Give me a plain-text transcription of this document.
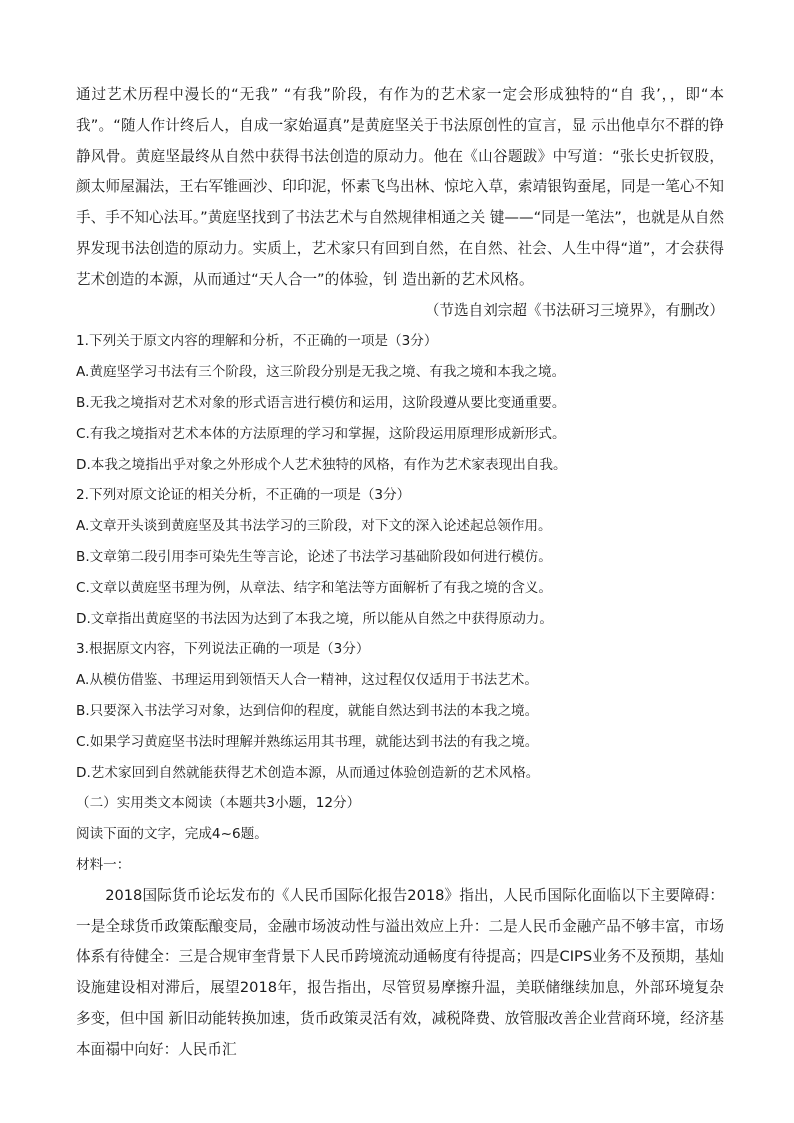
通过艺术历程中漫长的“无我” “有我”阶段，有作为的艺术家一定会形成独特的“自 我’，，即“本我”。“随人作计终后人，自成一家始逼真”是黄庭坚关于书法原创性的宣言，显 示出他卓尔不群的铮静风骨。黄庭坚最终从自然中获得书法创造的原动力。他在《山谷题跋》中写道：“张长史折钗股，颜太师屋漏法，王右军锥画沙、印印泥，怀素飞鸟出林、惊坨入草，索靖银钩蚕尾，同是一笔心不知手、手不知心法耳。”黄庭坚找到了书法艺术与自然规律相通之关 键——“同是一笔法”，也就是从自然界发现书法创造的原动力。实质上，艺术家只有回到自然，在自然、社会、人生中得“道”，才会获得艺术创造的本源，从而通过“天人合一”的体验，钊 造出新的艺术风格。

（节选自刘宗超《书法研习三境界》，有删改）

1.下列关于原文内容的理解和分析，不正确的一项是（3分）

A.黄庭坚学习书法有三个阶段，这三阶段分别是无我之境、有我之境和本我之境。

B.无我之境指对艺术对象的形式语言进行模仿和运用，这阶段遵从要比变通重要。

C.有我之境指对艺术本体的方法原理的学习和掌握，这阶段运用原理形成新形式。

D.本我之境指出乎对象之外形成个人艺术独特的风格，有作为艺术家表现出自我。

2.下列对原文论证的相关分析，不正确的一项是（3分）

A.文章开头谈到黄庭坚及其书法学习的三阶段，对下文的深入论述起总领作用。

B.文章第二段引用李可染先生等言论，论述了书法学习基础阶段如何进行模仿。

C.文章以黄庭坚书理为例，从章法、结字和笔法等方面解析了有我之境的含义。

D.文章指出黄庭坚的书法因为达到了本我之境，所以能从自然之中获得原动力。

3.根据原文内容，下列说法正确的一项是（3分）

A.从模仿借鉴、书理运用到领悟天人合一精神，这过程仅仅适用于书法艺术。

B.只要深入书法学习对象，达到信仰的程度，就能自然达到书法的本我之境。

C.如果学习黄庭坚书法时理解并熟练运用其书理，就能达到书法的有我之境。

D.艺术家回到自然就能获得艺术创造本源，从而通过体验创造新的艺术风格。

（二）实用类文本阅读（本题共3小题，12分）

阅读下面的文字，完成4~6题。

材料一：

2018国际货币论坛发布的《人民币国际化报告2018》指出，人民币国际化面临以下主要障碍：一是全球货币政策酝酿变局，金融市场波动性与溢出效应上升：二是人民币金融产品不够丰富，市场体系有待健全：三是合规审奎背景下人民币跨境流动通畅度有待提高；四是CIPS业务不及预期，基灿设施建设相对滞后，展望2018年，报告指出，尽管贸易摩擦升温，美联储继续加息，外部环境复杂多变，但中国 新旧动能转换加速，货币政策灵活有效，减税降费、放管服改善企业营商环境，经济基本面禢中向好：人民币汇
